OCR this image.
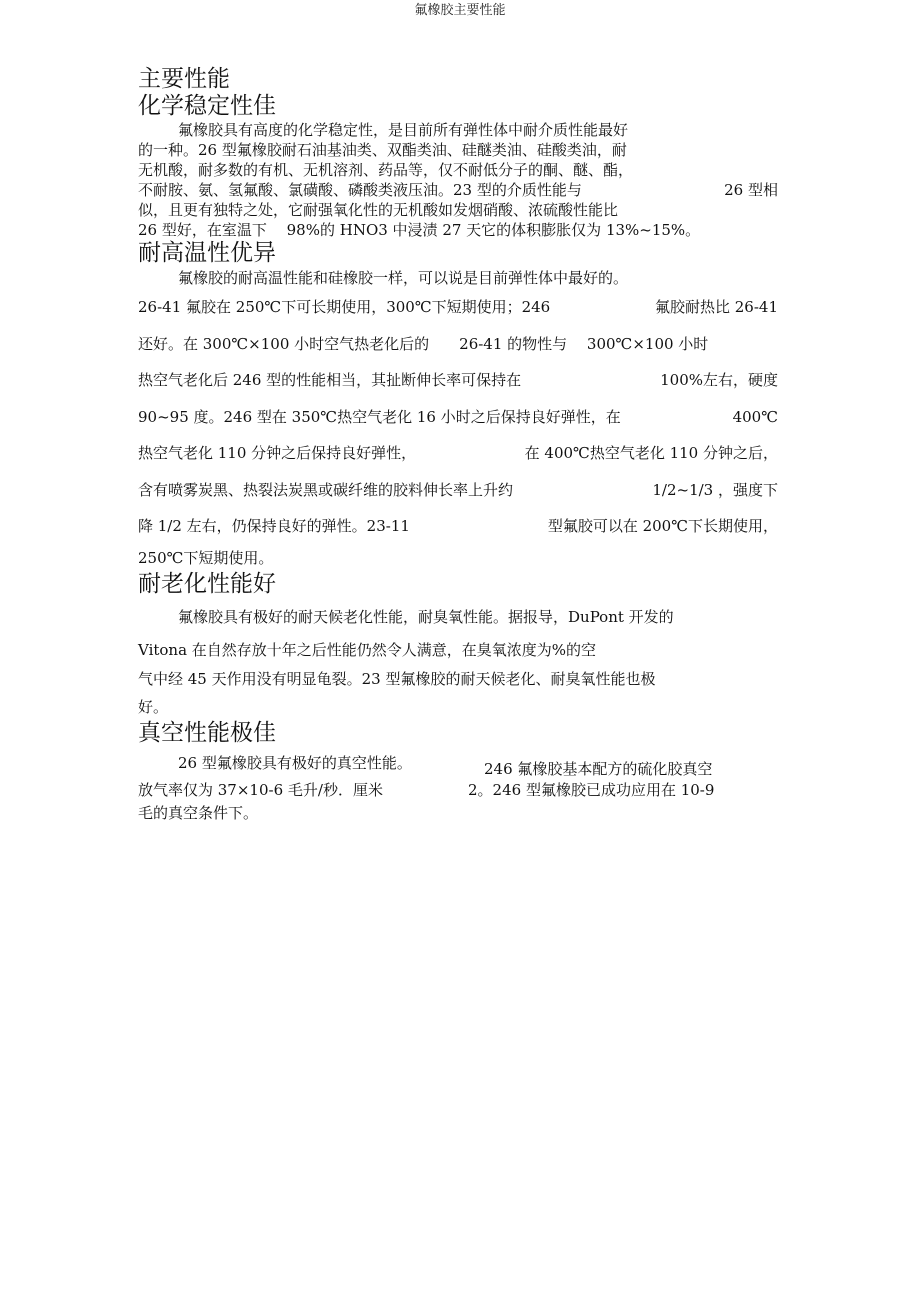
氟橡胶主要性能
主要性能
化学稳定性佳
氟橡胶具有高度的化学稳定性，是目前所有弹性体中耐介质性能最好
的一种。26 型氟橡胶耐石油基油类、双酯类油、硅醚类油、硅酸类油，耐
无机酸，耐多数的有机、无机溶剂、药品等，仅不耐低分子的酮、醚、酯，
不耐胺、氨、氢氟酸、氯磺酸、磷酸类液压油。23 型的介质性能与	26 型相
似，且更有独特之处，它耐强氧化性的无机酸如发烟硝酸、浓硫酸性能比
26 型好，在室温下　 98%的 HNO3 中浸渍 27 天它的体积膨胀仅为 13%~15%。
耐高温性优异
氟橡胶的耐高温性能和硅橡胶一样，可以说是目前弹性体中最好的。
26-41 氟胶在 250℃下可长期使用，300℃下短期使用；246	氟胶耐热比 26-41
还好。在 300℃×100 小时空气热老化后的　　26-41 的物性与　 300℃×100 小时
热空气老化后 246 型的性能相当，其扯断伸长率可保持在	100%左右，硬度
90~95 度。246 型在 350℃热空气老化 16 小时之后保持良好弹性，在	400℃
热空气老化 110 分钟之后保持良好弹性，	在 400℃热空气老化 110 分钟之后，
含有喷雾炭黑、热裂法炭黑或碳纤维的胶料伸长率上升约	1/2~1/3 ，强度下
降 1/2 左右，仍保持良好的弹性。23-11	型氟胶可以在 200℃下长期使用，
250℃下短期使用。
耐老化性能好
氟橡胶具有极好的耐天候老化性能，耐臭氧性能。据报导，DuPont 开发的
Vitona 在自然存放十年之后性能仍然令人满意，在臭氧浓度为%的空
气中经 45 天作用没有明显龟裂。23 型氟橡胶的耐天候老化、耐臭氧性能也极
好。
真空性能极佳
26 型氟橡胶具有极好的真空性能。	246 氟橡胶基本配方的硫化胶真空
放气率仅为 37×10-6 毛升/秒．厘米	2。246 型氟橡胶已成功应用在 10-9
毛的真空条件下。
